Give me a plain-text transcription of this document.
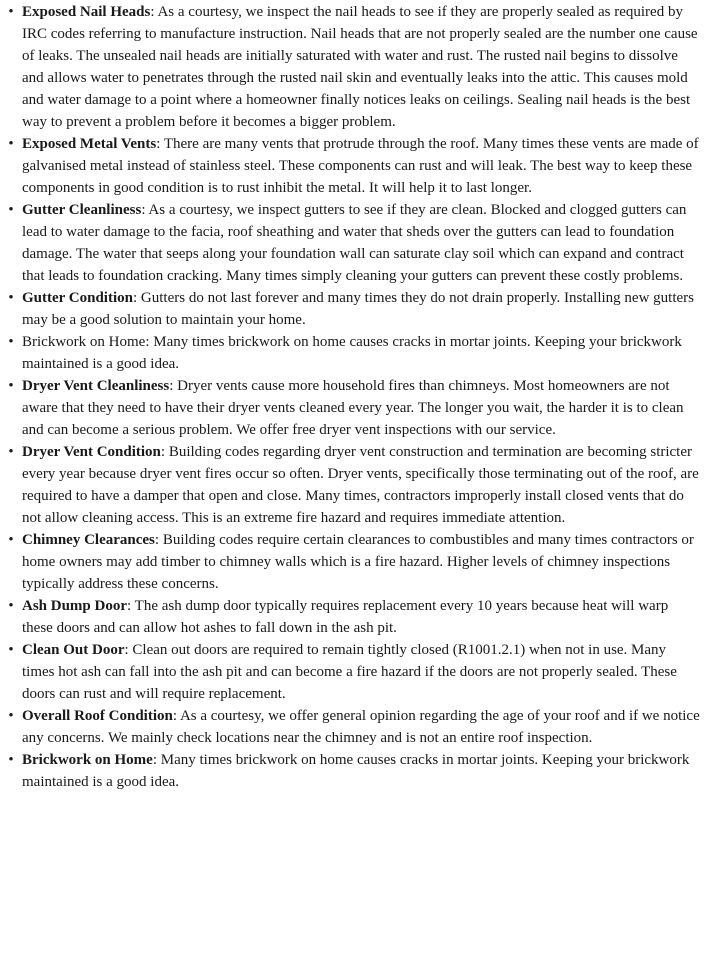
• Exposed Nail Heads: As a courtesy, we inspect the nail heads to see if they are properly sealed as required by IRC codes referring to manufacture instruction. Nail heads that are not properly sealed are the number one cause of leaks. The unsealed nail heads are initially saturated with water and rust. The rusted nail begins to dissolve and allows water to penetrates through the rusted nail skin and eventually leaks into the attic. This causes mold and water damage to a point where a homeowner finally notices leaks on ceilings. Sealing nail heads is the best way to prevent a problem before it becomes a bigger problem.
• Exposed Metal Vents: There are many vents that protrude through the roof. Many times these vents are made of galvanised metal instead of stainless steel. These components can rust and will leak. The best way to keep these components in good condition is to rust inhibit the metal. It will help it to last longer.
• Gutter Cleanliness: As a courtesy, we inspect gutters to see if they are clean. Blocked and clogged gutters can lead to water damage to the facia, roof sheathing and water that sheds over the gutters can lead to foundation damage. The water that seeps along your foundation wall can saturate clay soil which can expand and contract that leads to foundation cracking. Many times simply cleaning your gutters can prevent these costly problems.
• Gutter Condition: Gutters do not last forever and many times they do not drain properly. Installing new gutters may be a good solution to maintain your home.
• Brickwork on Home: Many times brickwork on home causes cracks in mortar joints. Keeping your brickwork maintained is a good idea.
• Dryer Vent Cleanliness: Dryer vents cause more household fires than chimneys. Most homeowners are not aware that they need to have their dryer vents cleaned every year. The longer you wait, the harder it is to clean and can become a serious problem. We offer free dryer vent inspections with our service.
• Dryer Vent Condition: Building codes regarding dryer vent construction and termination are becoming stricter every year because dryer vent fires occur so often. Dryer vents, specifically those terminating out of the roof, are required to have a damper that open and close. Many times, contractors improperly install closed vents that do not allow cleaning access. This is an extreme fire hazard and requires immediate attention.
• Chimney Clearances: Building codes require certain clearances to combustibles and many times contractors or home owners may add timber to chimney walls which is a fire hazard. Higher levels of chimney inspections typically address these concerns.
• Ash Dump Door: The ash dump door typically requires replacement every 10 years because heat will warp these doors and can allow hot ashes to fall down in the ash pit.
• Clean Out Door: Clean out doors are required to remain tightly closed (R1001.2.1) when not in use. Many times hot ash can fall into the ash pit and can become a fire hazard if the doors are not properly sealed. These doors can rust and will require replacement.
• Overall Roof Condition: As a courtesy, we offer general opinion regarding the age of your roof and if we notice any concerns. We mainly check locations near the chimney and is not an entire roof inspection.
• Brickwork on Home: Many times brickwork on home causes cracks in mortar joints. Keeping your brickwork maintained is a good idea.
